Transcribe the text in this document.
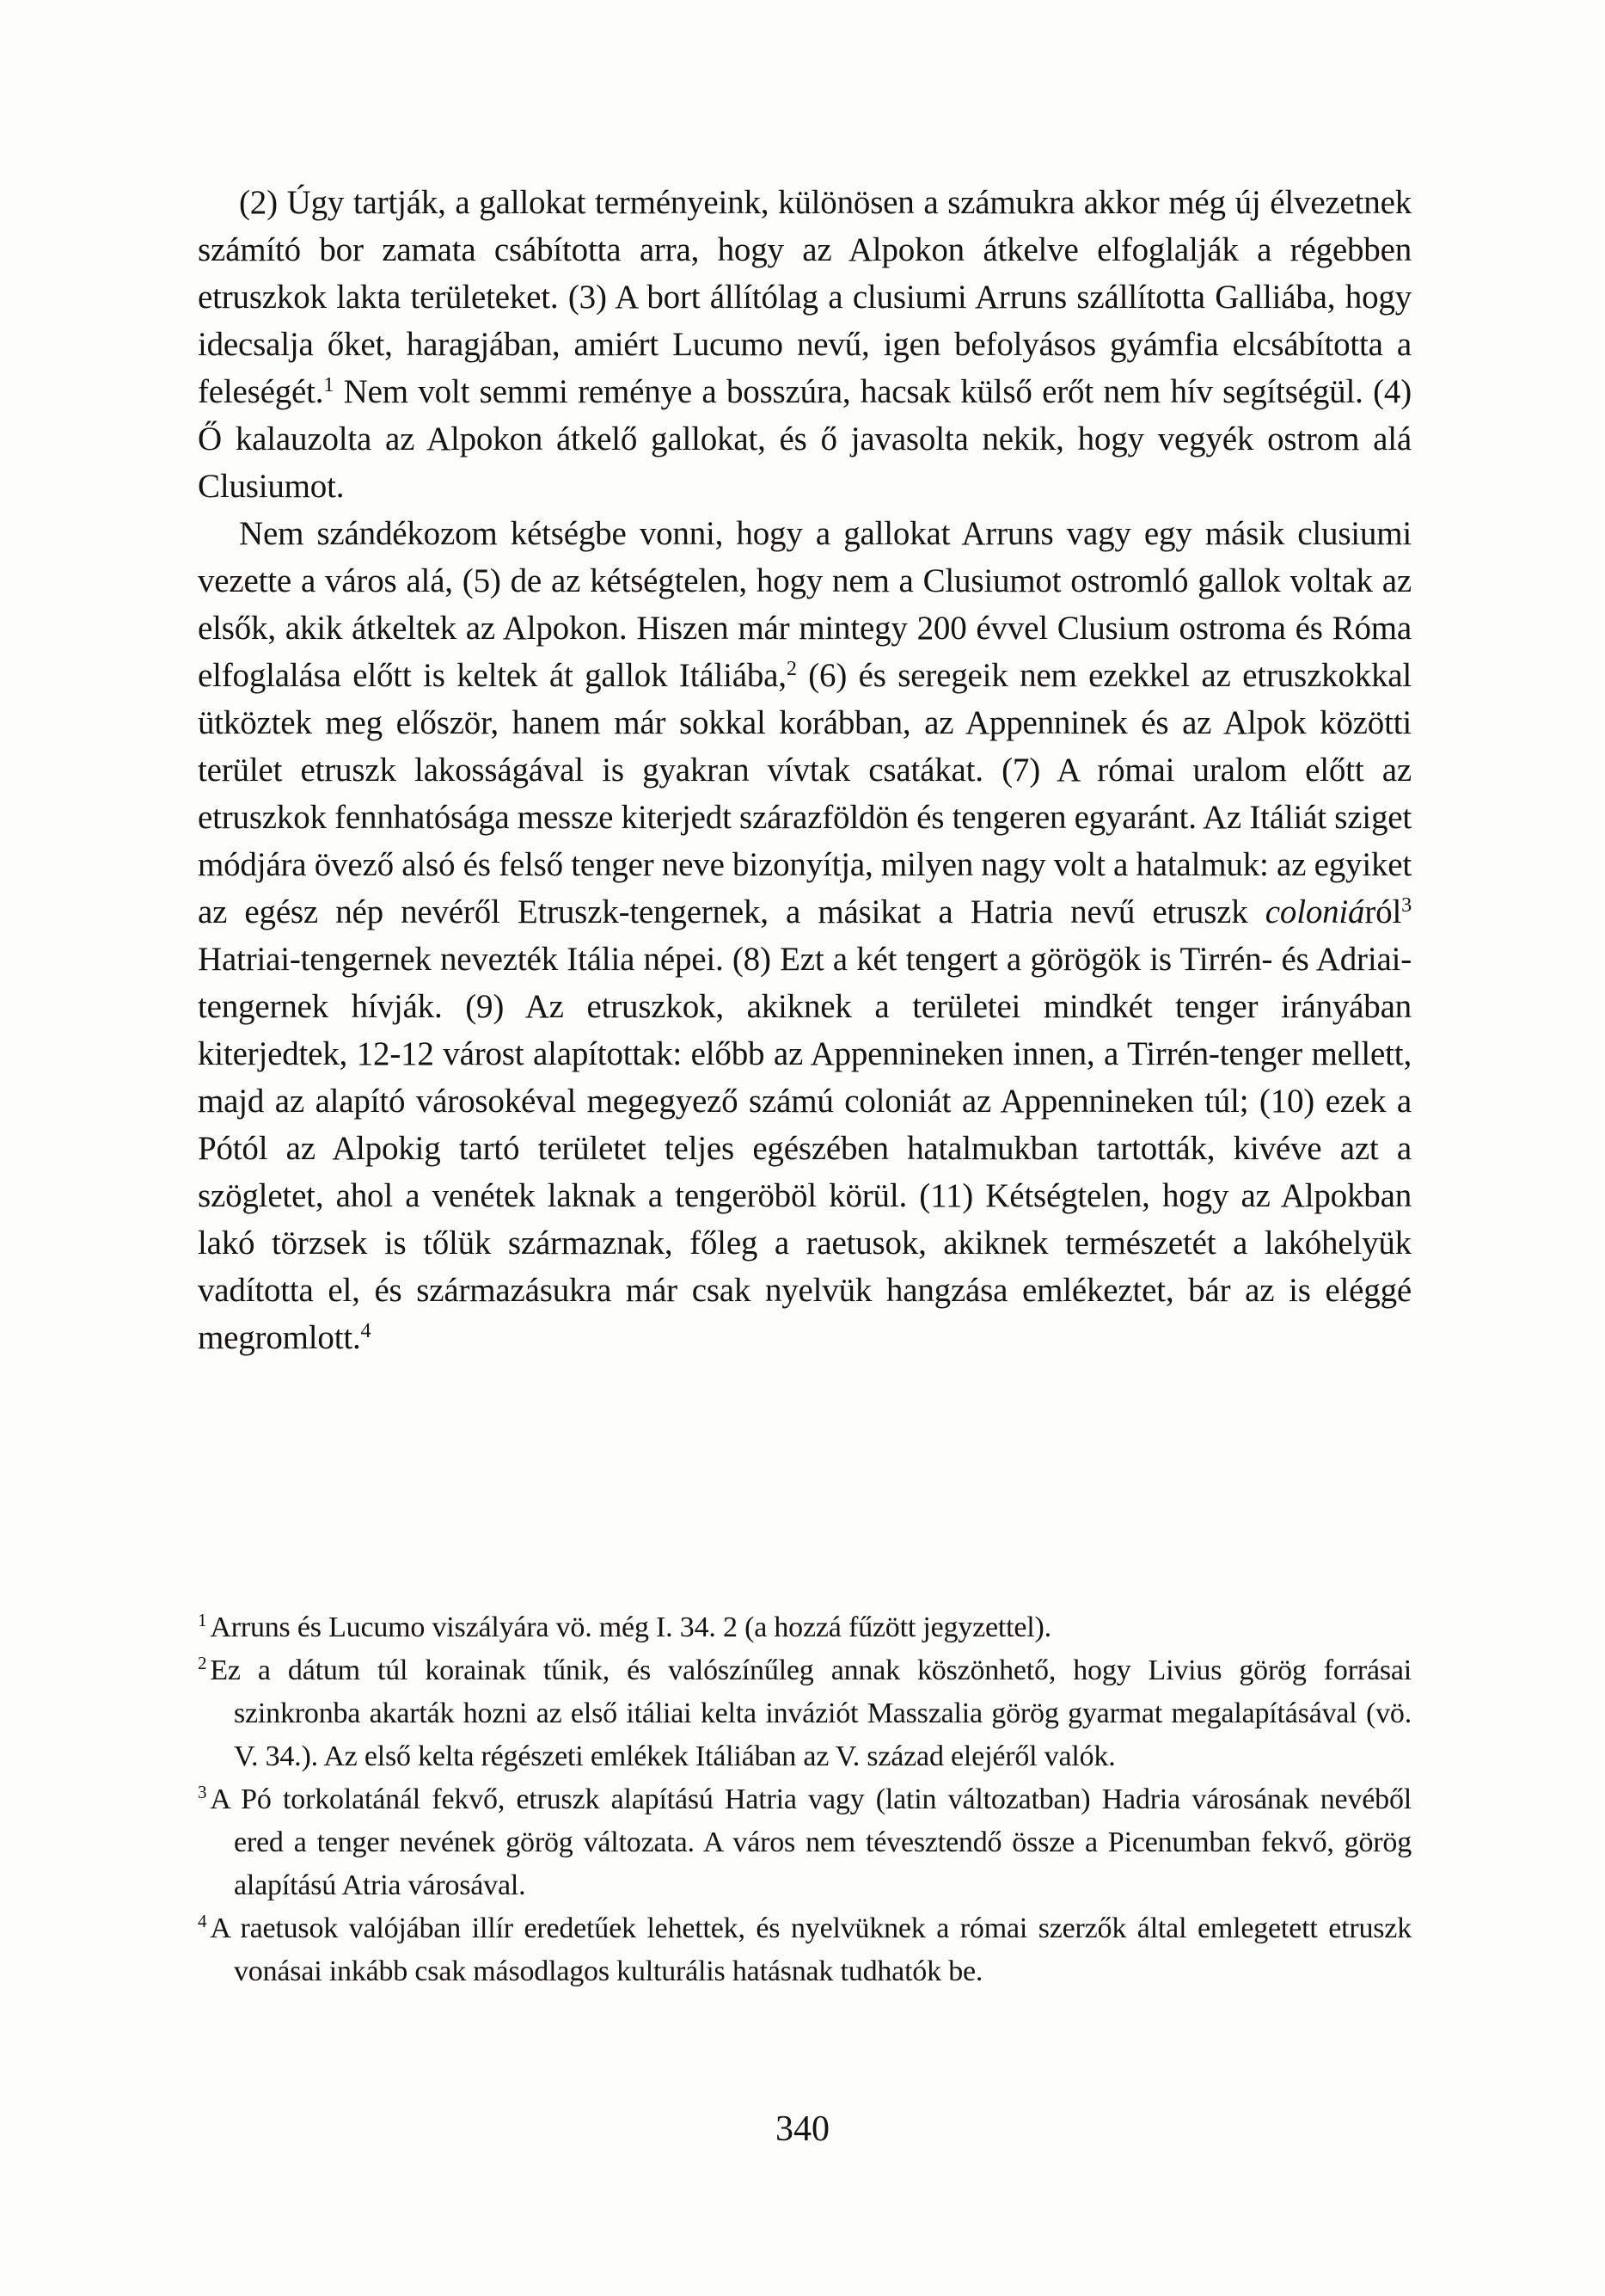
(2) Úgy tartják, a gallokat terményeink, különösen a számukra akkor még új élvezetnek számító bor zamata csábította arra, hogy az Alpokon átkelve elfoglalják a régebben etruszkok lakta területeket. (3) A bort állítólag a clusiumi Arruns szállította Galliába, hogy idecsalja őket, haragjában, amiért Lucumo nevű, igen befolyásos gyámfia elcsábította a feleségét.$^1$ Nem volt semmi reménye a bosszúra, hacsak külső erőt nem hív segítségül. (4) Ő kalauzolta az Alpokon átkelő gallokat, és ő javasolta nekik, hogy vegyék ostrom alá Clusiumot.

Nem szándékozom kétségbe vonni, hogy a gallokat Arruns vagy egy másik clusiumi vezette a város alá, (5) de az kétségtelen, hogy nem a Clusiumot ostromló gallok voltak az elsők, akik átkeltek az Alpokon. Hiszen már mintegy 200 évvel Clusium ostroma és Róma elfoglalása előtt is keltek át gallok Itáliába,$^2$ (6) és seregeik nem ezekkel az etruszkokkal ütköztek meg először, hanem már sokkal korábban, az Appenninek és az Alpok közötti terület etruszk lakosságával is gyakran vívtak csatákat. (7) A római uralom előtt az etruszkok fennhatósága messze kiterjedt szárazföldön és tengeren egyaránt. Az Itáliát sziget módjára övező alsó és felső tenger neve bizonyítja, milyen nagy volt a hatalmuk: az egyiket az egész nép nevéről Etruszk-tengernek, a másikat a Hatria nevű etruszk coloniáról$^3$ Hatriai-tengernek nevezték Itália népei. (8) Ezt a két tengert a görögök is Tirrén- és Adriai-tengernek hívják. (9) Az etruszkok, akiknek a területei mindkét tenger irányában kiterjedtek, 12-12 várost alapítottak: előbb az Appennineken innen, a Tirrén-tenger mellett, majd az alapító városokéval megegyező számú coloniát az Appennineken túl; (10) ezek a Pótól az Alpokig tartó területet teljes egészében hatalmukban tartották, kivéve azt a szögletet, ahol a venétek laknak a tengeröböl körül. (11) Kétségtelen, hogy az Alpokban lakó törzsek is tőlük származnak, főleg a raetusok, akiknek természetét a lakóhelyük vadította el, és származásukra már csak nyelvük hangzása emlékeztet, bár az is eléggé megromlott.$^4$

$^1$ Arruns és Lucumo viszályára vö. még I. 34. 2 (a hozzá fűzött jegyzettel).

$^2$ Ez a dátum túl korainak tűnik, és valószínűleg annak köszönhető, hogy Livius görög forrásai szinkronba akarták hozni az első itáliai kelta inváziót Masszalia görög gyarmat megalapításával (vö. V. 34.). Az első kelta régészeti emlékek Itáliában az V. század elejéről valók.

$^3$ A Pó torkolatánál fekvő, etruszk alapítású Hatria vagy (latin változatban) Hadria városának nevéből ered a tenger nevének görög változata. A város nem tévesztendő össze a Picenumban fekvő, görög alapítású Atria városával.

$^4$ A raetusok valójában illír eredetűek lehettek, és nyelvüknek a római szerzők által emlegetett etruszk vonásai inkább csak másodlagos kulturális hatásnak tudhatók be.

340
